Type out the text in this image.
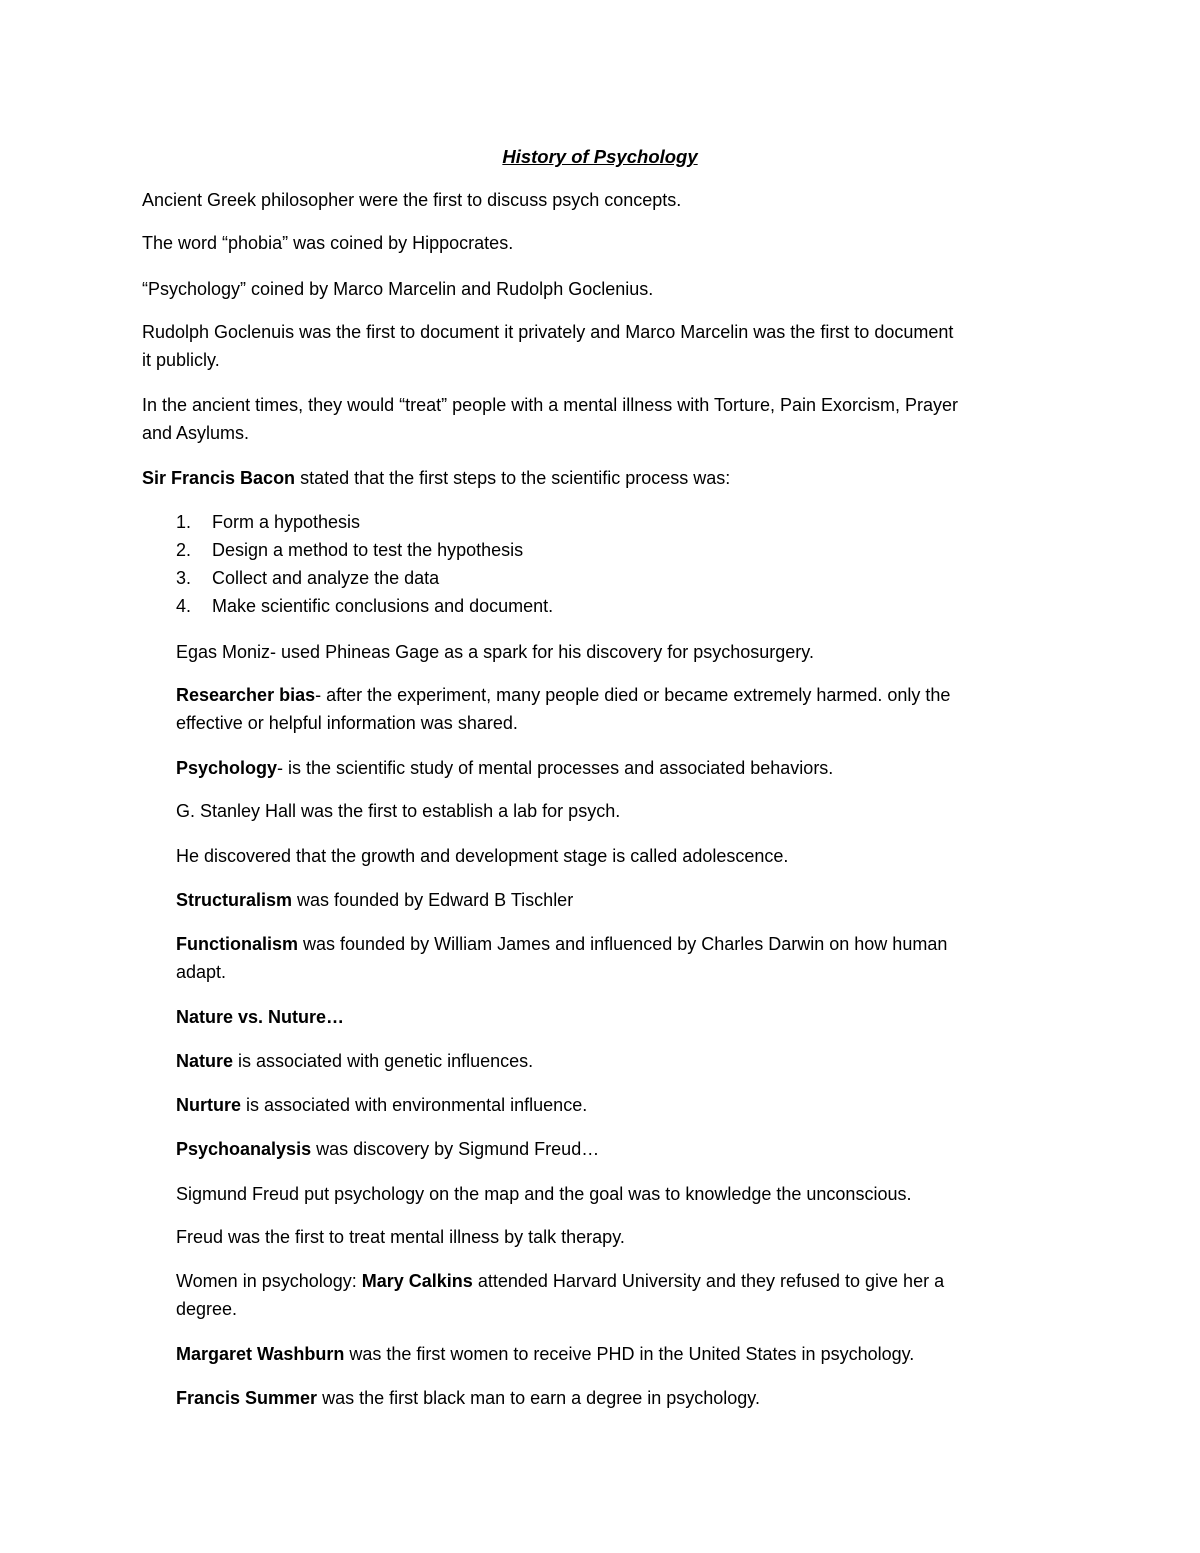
History of Psychology

Ancient Greek philosopher were the first to discuss psych concepts.

The word “phobia” was coined by Hippocrates.

“Psychology” coined by Marco Marcelin and Rudolph Goclenius.

Rudolph Goclenuis was the first to document it privately and Marco Marcelin was the first to document

it publicly.

In the ancient times, they would “treat” people with a mental illness with Torture, Pain Exorcism, Prayer

and Asylums.

Sir Francis Bacon stated that the first steps to the scientific process was:

1. Form a hypothesis
2. Design a method to test the hypothesis
3. Collect and analyze the data
4. Make scientific conclusions and document.

Egas Moniz- used Phineas Gage as a spark for his discovery for psychosurgery.

Researcher bias- after the experiment, many people died or became extremely harmed. only the

effective or helpful information was shared.

Psychology- is the scientific study of mental processes and associated behaviors.

G. Stanley Hall was the first to establish a lab for psych.

He discovered that the growth and development stage is called adolescence.

Structuralism was founded by Edward B Tischler

Functionalism was founded by William James and influenced by Charles Darwin on how human

adapt.

Nature vs. Nuture…

Nature is associated with genetic influences.

Nurture is associated with environmental influence.

Psychoanalysis was discovery by Sigmund Freud…

Sigmund Freud put psychology on the map and the goal was to knowledge the unconscious.

Freud was the first to treat mental illness by talk therapy.

Women in psychology: Mary Calkins attended Harvard University and they refused to give her a

degree.

Margaret Washburn was the first women to receive PHD in the United States in psychology.

Francis Summer was the first black man to earn a degree in psychology.
